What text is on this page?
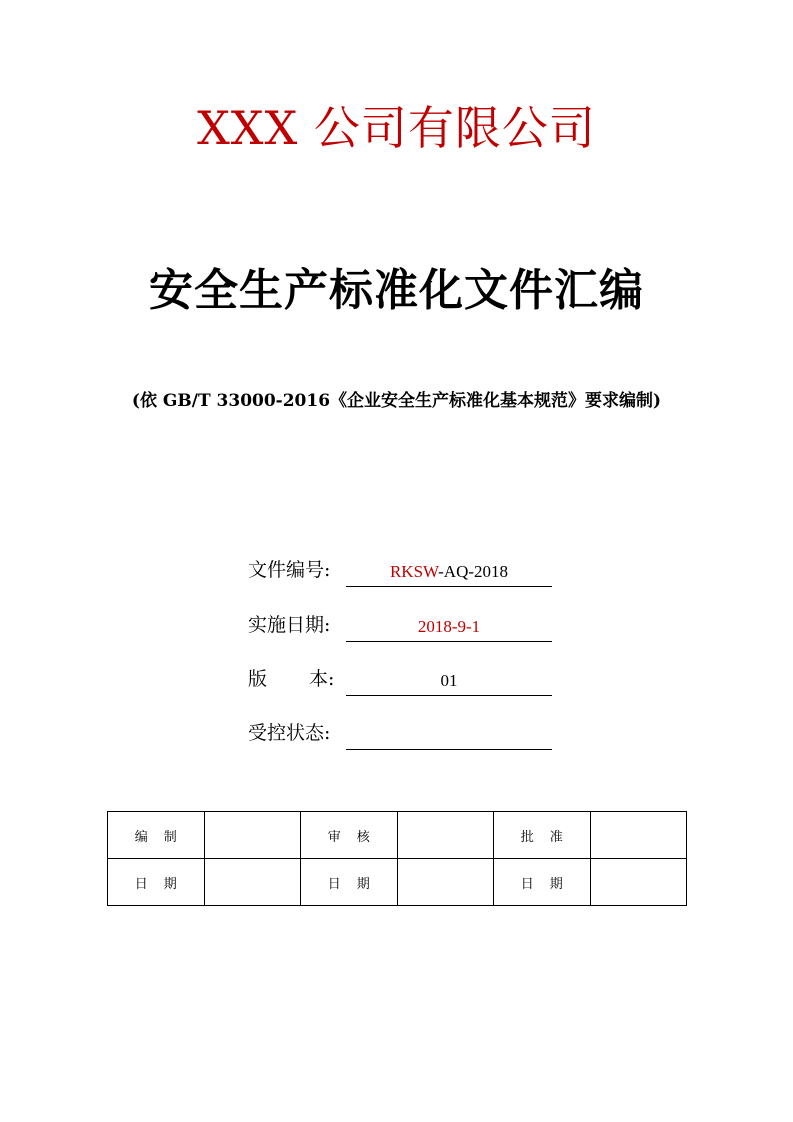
XXX 公司有限公司
安全生产标准化文件汇编
(依 GB/T 33000-2016《企业安全生产标准化基本规范》要求编制)
文件编号:	RKSW-AQ-2018
实施日期:	2018-9-1
版 本:	01
受控状态:
编制		审核		批准	
日期		日期		日期	
